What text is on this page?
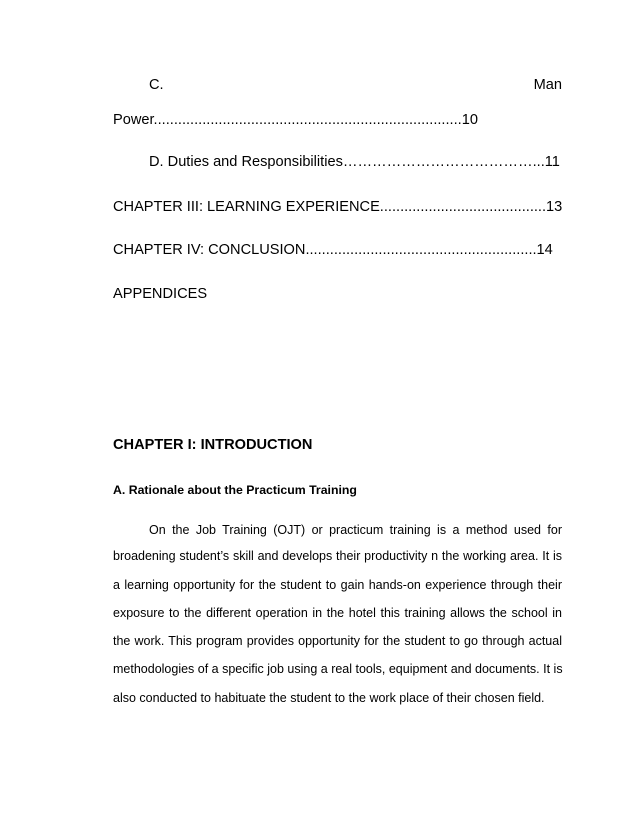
C.	Man
Power............................................................................10
D. Duties and Responsibilities…………………………………...11
CHAPTER III: LEARNING EXPERIENCE.........................................13
CHAPTER IV: CONCLUSION.........................................................14
APPENDICES
CHAPTER I: INTRODUCTION
A. Rationale about the Practicum Training
On the Job Training (OJT) or practicum training is a method used for
broadening student’s skill and develops their productivity n the working area. It is
a learning opportunity for the student to gain hands-on experience through their
exposure to the different operation in the hotel this training allows the school in
the work. This program provides opportunity for the student to go through actual
methodologies of a specific job using a real tools, equipment and documents. It is
also conducted to habituate the student to the work place of their chosen field.
